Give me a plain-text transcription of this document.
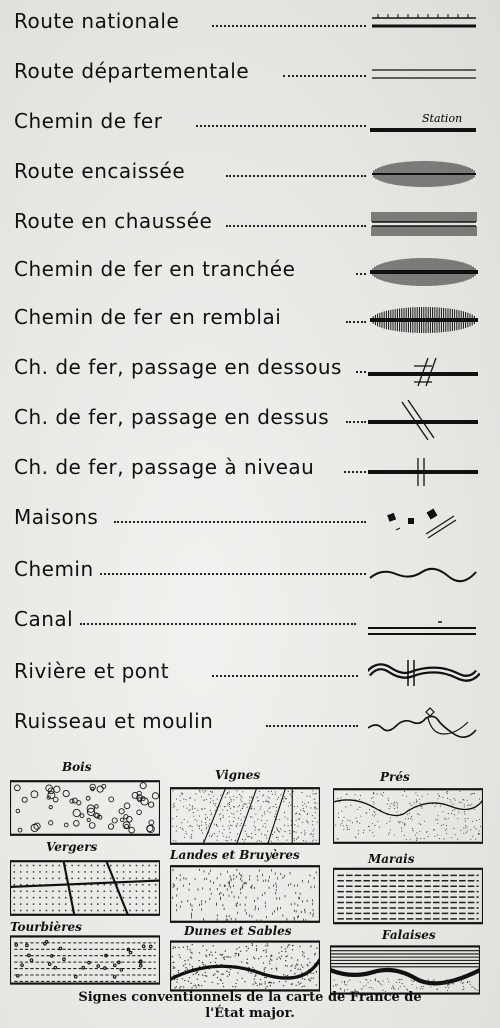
Route nationale
Route départementale
Chemin de fer	Station
Route encaissée
Route en chaussée
Chemin de fer en tranchée
Chemin de fer en remblai
Ch. de fer, passage en dessous
Ch. de fer, passage en dessus
Ch. de fer, passage à niveau
Maisons
Chemin
Canal
Rivière et pont
Ruisseau et moulin
Bois
Vignes	Prés
Vergers
Landes et Bruyères	Marais
Tourbières	Dunes et Sables	Falaises
Signes conventionnels de la carte de France de
l'État major.
